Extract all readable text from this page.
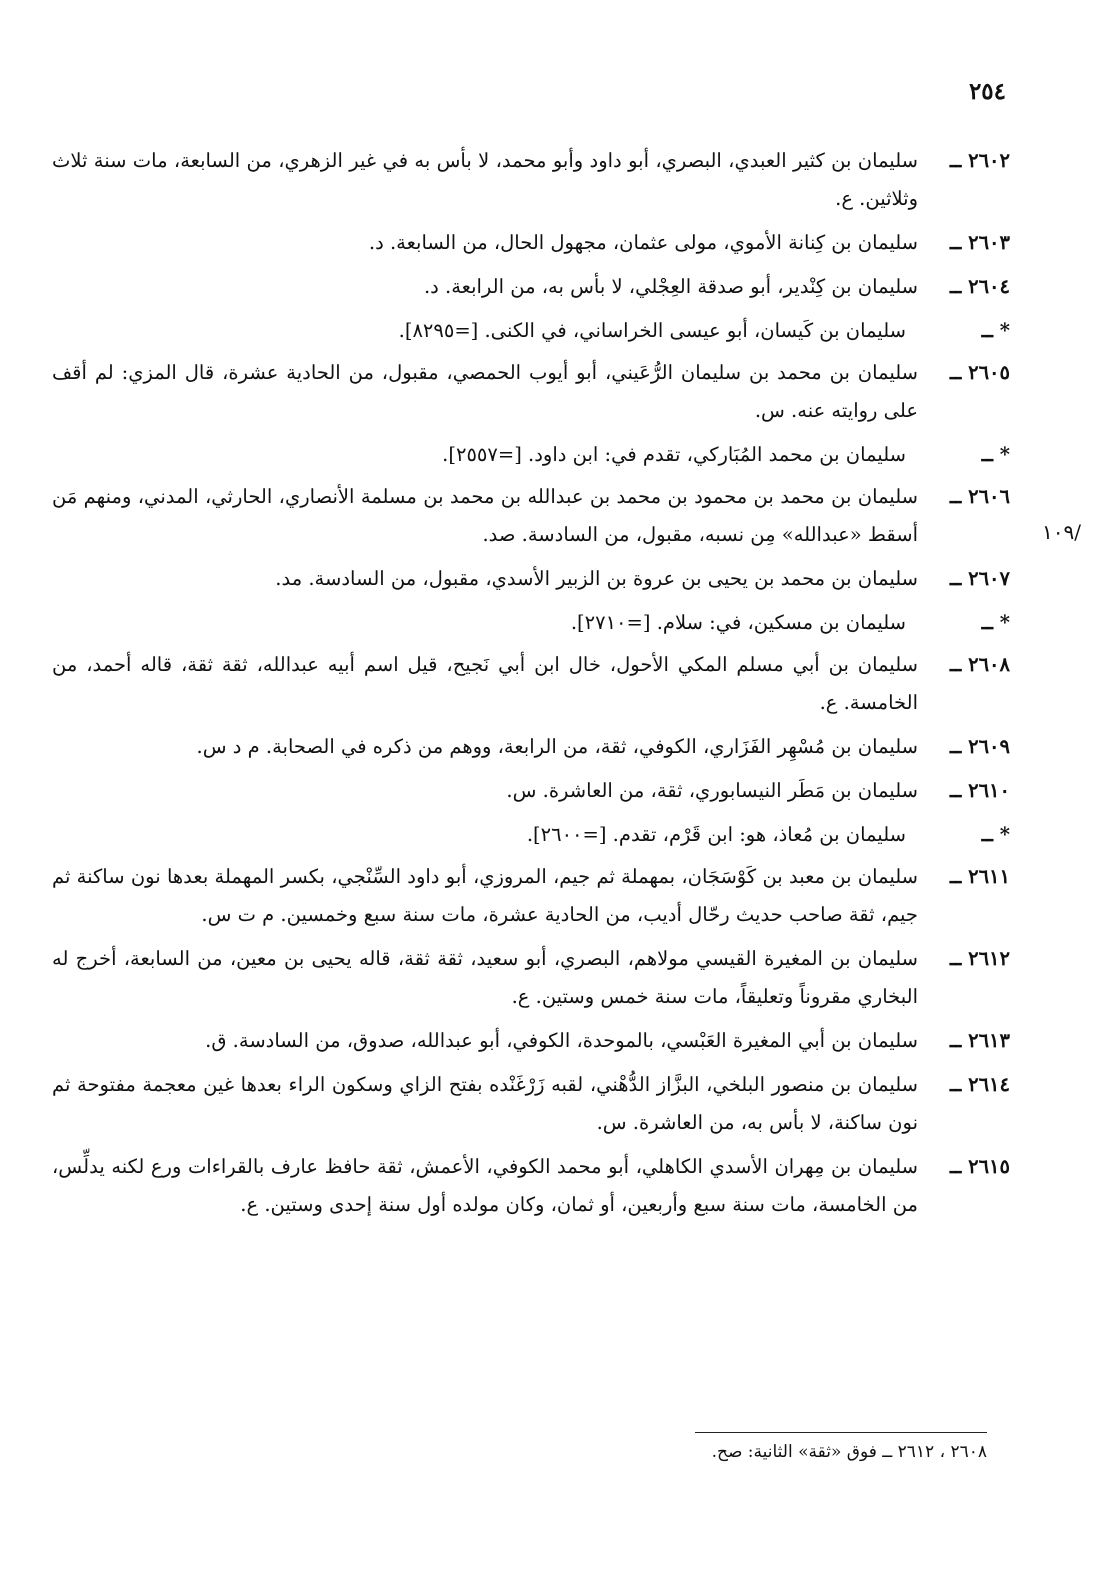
٢٥٤
١٠٩/
٢٦٠٢ ــ
سليمان بن كثير العبدي، البصري، أبو داود وأبو محمد، لا بأس به في غير الزهري، من السابعة، مات سنة ثلاث وثلاثين. ع.
٢٦٠٣ ــ
سليمان بن كِنانة الأموي، مولى عثمان، مجهول الحال، من السابعة. د.
٢٦٠٤ ــ
سليمان بن كِنْدير، أبو صدقة العِجْلي، لا بأس به، من الرابعة. د.
* ــ
سليمان بن كَيسان، أبو عيسى الخراساني، في الكنى. [=٨٢٩٥].
٢٦٠٥ ــ
سليمان بن محمد بن سليمان الرُّعَيني، أبو أيوب الحمصي، مقبول، من الحادية عشرة، قال المزي: لم أقف على روايته عنه. س.
* ــ
سليمان بن محمد المُبَاركي، تقدم في: ابن داود. [=٢٥٥٧].
٢٦٠٦ ــ
سليمان بن محمد بن محمود بن محمد بن عبدالله بن محمد بن مسلمة الأنصاري، الحارثي، المدني، ومنهم مَن أسقط «عبدالله» مِن نسبه، مقبول، من السادسة. صد.
٢٦٠٧ ــ
سليمان بن محمد بن يحيى بن عروة بن الزبير الأسدي، مقبول، من السادسة. مد.
* ــ
سليمان بن مسكين، في: سلام. [=٢٧١٠].
٢٦٠٨ ــ
سليمان بن أبي مسلم المكي الأحول، خال ابن أبي نَجيح، قيل اسم أبيه عبدالله، ثقة ثقة، قاله أحمد، من الخامسة. ع.
٢٦٠٩ ــ
سليمان بن مُسْهِر الفَزَاري، الكوفي، ثقة، من الرابعة، ووهم من ذكره في الصحابة. م د س.
٢٦١٠ ــ
سليمان بن مَطَر النيسابوري، ثقة، من العاشرة. س.
* ــ
سليمان بن مُعاذ، هو: ابن قَرْم، تقدم. [=٢٦٠٠].
٢٦١١ ــ
سليمان بن معبد بن كَوْسَجَان، بمهملة ثم جيم، المروزي، أبو داود السِّنْجي، بكسر المهملة بعدها نون ساكنة ثم جيم، ثقة صاحب حديث رحّال أديب، من الحادية عشرة، مات سنة سبع وخمسين. م ت س.
٢٦١٢ ــ
سليمان بن المغيرة القيسي مولاهم، البصري، أبو سعيد، ثقة ثقة، قاله يحيى بن معين، من السابعة، أخرج له البخاري مقروناً وتعليقاً، مات سنة خمس وستين. ع.
٢٦١٣ ــ
سليمان بن أبي المغيرة العَبْسي، بالموحدة، الكوفي، أبو عبدالله، صدوق، من السادسة. ق.
٢٦١٤ ــ
سليمان بن منصور البلخي، البزَّاز الدُّهْني، لقبه زَرْغَنْده بفتح الزاي وسكون الراء بعدها غين معجمة مفتوحة ثم نون ساكنة، لا بأس به، من العاشرة. س.
٢٦١٥ ــ
سليمان بن مِهران الأسدي الكاهلي، أبو محمد الكوفي، الأعمش، ثقة حافظ عارف بالقراءات ورع لكنه يدلِّس، من الخامسة، مات سنة سبع وأربعين، أو ثمان، وكان مولده أول سنة إحدى وستين. ع.
٢٦٠٨ ، ٢٦١٢ ــ فوق «ثقة» الثانية: صح.
